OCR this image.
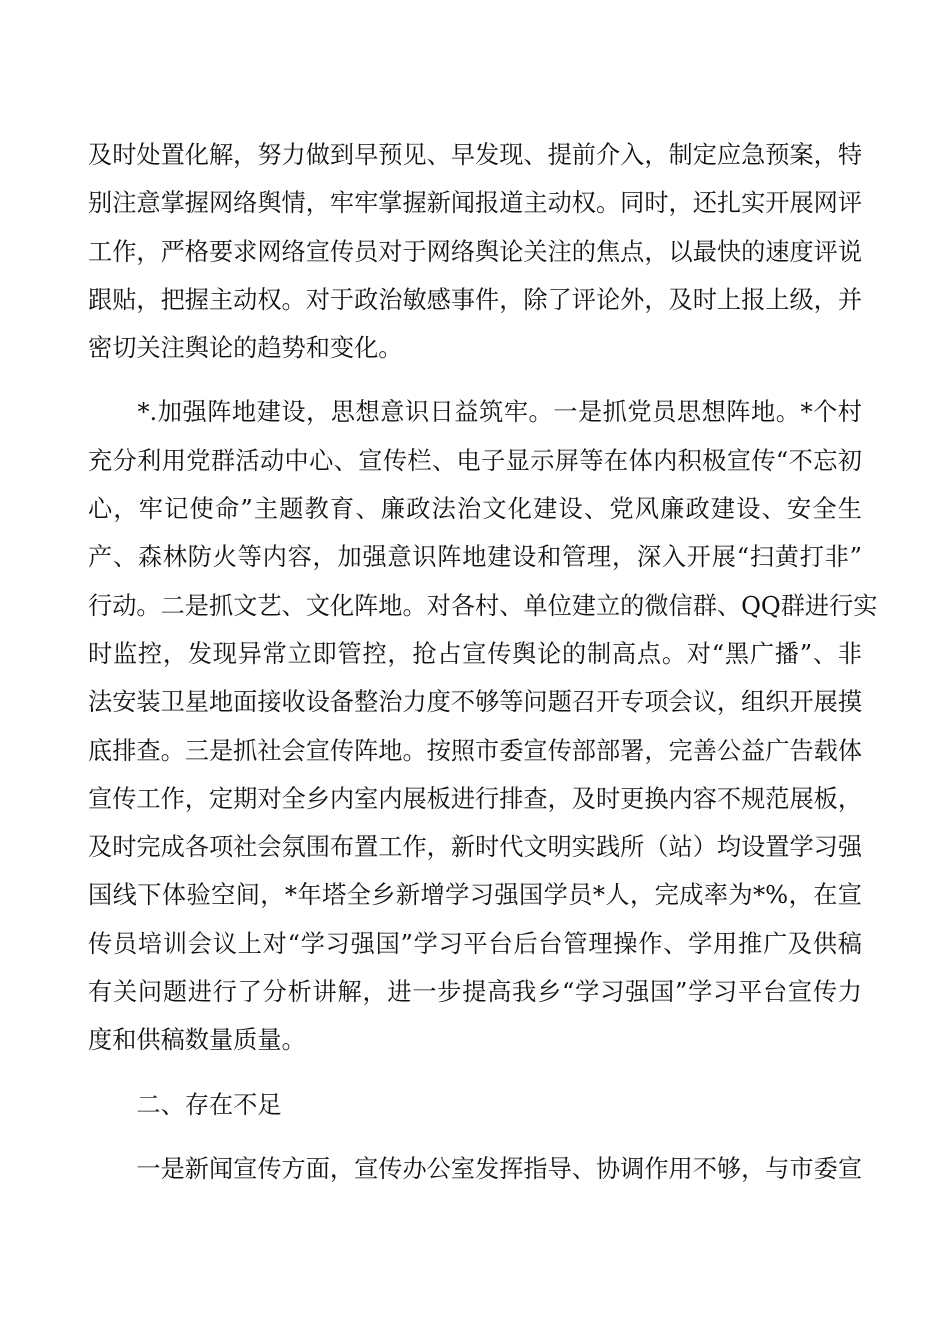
及时处置化解，努力做到早预见、早发现、提前介入，制定应急预案，特
别注意掌握网络舆情，牢牢掌握新闻报道主动权。同时，还扎实开展网评
工作，严格要求网络宣传员对于网络舆论关注的焦点，以最快的速度评说
跟贴，把握主动权。对于政治敏感事件，除了评论外，及时上报上级，并
密切关注舆论的趋势和变化。
　　*.加强阵地建设，思想意识日益筑牢。一是抓党员思想阵地。*个村
充分利用党群活动中心、宣传栏、电子显示屏等在体内积极宣传“不忘初
心，牢记使命”主题教育、廉政法治文化建设、党风廉政建设、安全生
产、森林防火等内容，加强意识阵地建设和管理，深入开展“扫黄打非”
行动。二是抓文艺、文化阵地。对各村、单位建立的微信群、QQ群进行实
时监控，发现异常立即管控，抢占宣传舆论的制高点。对“黑广播”、非
法安装卫星地面接收设备整治力度不够等问题召开专项会议，组织开展摸
底排查。三是抓社会宣传阵地。按照市委宣传部部署，完善公益广告载体
宣传工作，定期对全乡内室内展板进行排查，及时更换内容不规范展板，
及时完成各项社会氛围布置工作，新时代文明实践所（站）均设置学习强
国线下体验空间，*年塔全乡新增学习强国学员*人，完成率为*%，在宣
传员培训会议上对“学习强国”学习平台后台管理操作、学用推广及供稿
有关问题进行了分析讲解，进一步提高我乡“学习强国”学习平台宣传力
度和供稿数量质量。
　　二、存在不足
　　一是新闻宣传方面，宣传办公室发挥指导、协调作用不够，与市委宣
